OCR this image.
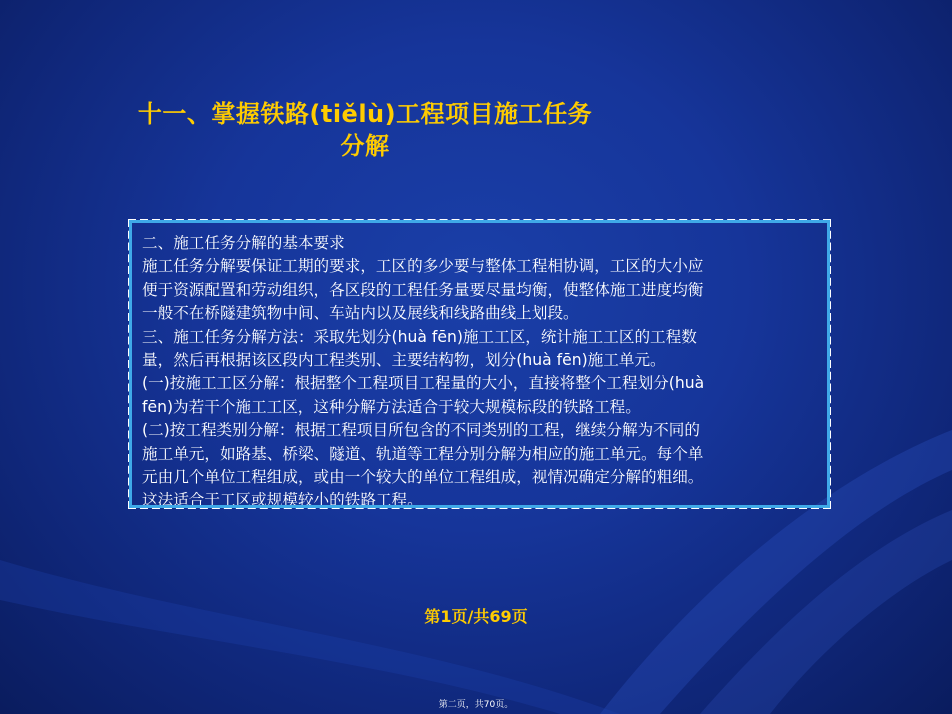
十一、掌握铁路(tiělù)工程项目施工任务
分解

二、施工任务分解的基本要求

施工任务分解要保证工期的要求，工区的多少要与整体工程相协调，工区的大小应

便于资源配置和劳动组织，各区段的工程任务量要尽量均衡，使整体施工进度均衡

一般不在桥隧建筑物中间、车站内以及展线和线路曲线上划段。

三、施工任务分解方法：采取先划分(huà fēn)施工工区，统计施工工区的工程数

量，然后再根据该区段内工程类别、主要结构物，划分(huà fēn)施工单元。

(一)按施工工区分解：根据整个工程项目工程量的大小，直接将整个工程划分(huà

fēn)为若干个施工工区，这种分解方法适合于较大规模标段的铁路工程。

(二)按工程类别分解：根据工程项目所包含的不同类别的工程，继续分解为不同的

施工单元，如路基、桥梁、隧道、轨道等工程分别分解为相应的施工单元。每个单

元由几个单位工程组成，或由一个较大的单位工程组成，视情况确定分解的粗细。

这法适合于工区或规模较小的铁路工程。

第1页/共69页
第二页，共70页。
